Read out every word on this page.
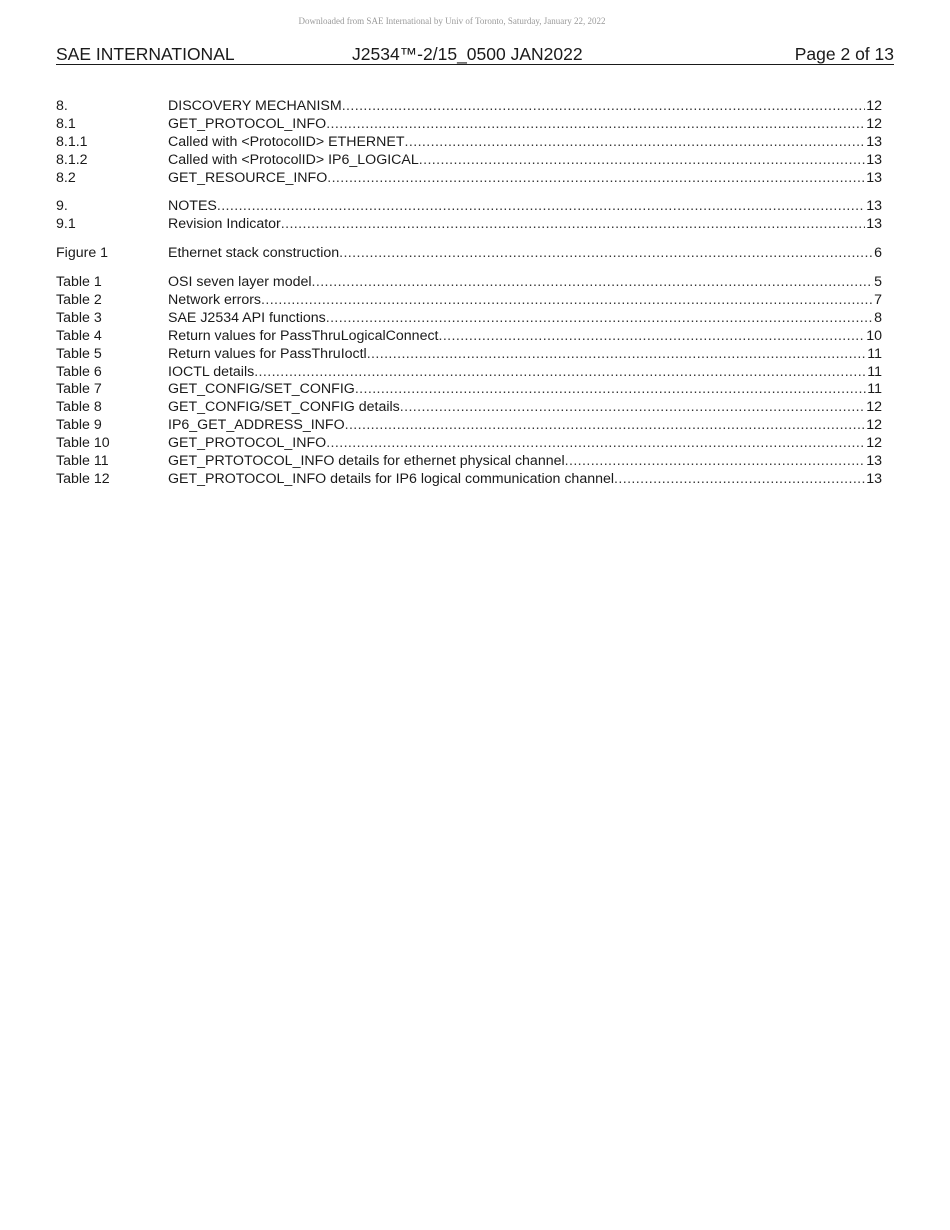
Downloaded from SAE International by Univ of Toronto, Saturday, January 22, 2022
SAE INTERNATIONAL	J2534™-2/15_0500 JAN2022	Page 2 of 13
8.	DISCOVERY MECHANISM .....	12
8.1	GET_PROTOCOL_INFO .....	12
8.1.1	Called with <ProtocolID> ETHERNET .....	13
8.1.2	Called with <ProtocolID> IP6_LOGICAL .....	13
8.2	GET_RESOURCE_INFO .....	13
9.	NOTES .....	13
9.1	Revision Indicator .....	13
Figure 1	Ethernet stack construction .....	6
Table 1	OSI seven layer model .....	5
Table 2	Network errors .....	7
Table 3	SAE J2534 API functions .....	8
Table 4	Return values for PassThruLogicalConnect .....	10
Table 5	Return values for PassThruIoctl .....	11
Table 6	IOCTL details .....	11
Table 7	GET_CONFIG/SET_CONFIG .....	11
Table 8	GET_CONFIG/SET_CONFIG details .....	12
Table 9	IP6_GET_ADDRESS_INFO .....	12
Table 10	GET_PROTOCOL_INFO .....	12
Table 11	GET_PRTOTOCOL_INFO details for ethernet physical channel .....	13
Table 12	GET_PROTOCOL_INFO details for IP6 logical communication channel .....	13
